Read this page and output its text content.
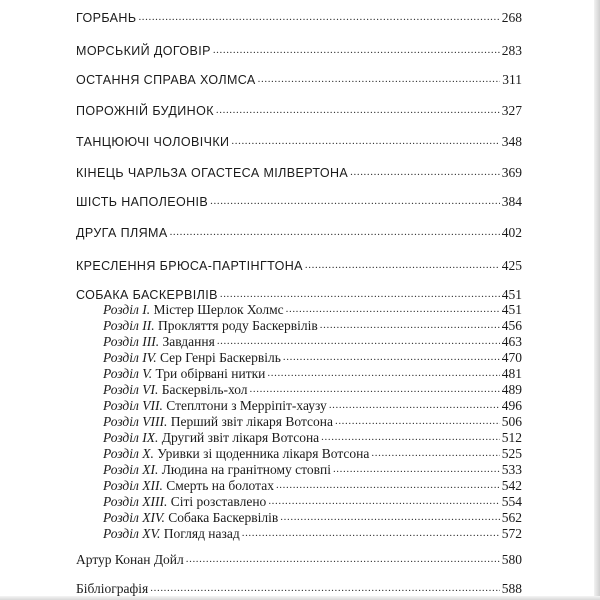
ГОРБАНЬ .....	268
МОРСЬКИЙ ДОГОВІР .....	283
ОСТАННЯ СПРАВА ХОЛМСА .....	311
ПОРОЖНІЙ БУДИНОК .....	327
ТАНЦЮЮЧІ ЧОЛОВІЧКИ .....	348
КІНЕЦЬ ЧАРЛЬЗА ОГАСТЕСА МІЛВЕРТОНА .....	369
ШІСТЬ НАПОЛЕОНІВ .....	384
ДРУГА ПЛЯМА .....	402
КРЕСЛЕННЯ БРЮСА-ПАРТІНГТОНА .....	425
СОБАКА БАСКЕРВІЛІВ .....	451
Розділ I. Містер Шерлок Холмс .....	451
Розділ II. Прокляття роду Баскервілів .....	456
Розділ III. Завдання .....	463
Розділ IV. Сер Генрі Баскервіль .....	470
Розділ V. Три обірвані нитки .....	481
Розділ VI. Баскервіль-хол .....	489
Розділ VII. Степлтони з Мерріпіт-хаузу .....	496
Розділ VIII. Перший звіт лікаря Вотсона .....	506
Розділ IX. Другий звіт лікаря Вотсона .....	512
Розділ X. Уривки зі щоденника лікаря Вотсона .....	525
Розділ XI. Людина на гранітному стовпі .....	533
Розділ XII. Смерть на болотах .....	542
Розділ XIII. Сіті розставлено .....	554
Розділ XIV. Собака Баскервілів .....	562
Розділ XV. Погляд назад .....	572
Артур Конан Дойл .....	580
Бібліографія .....	588
